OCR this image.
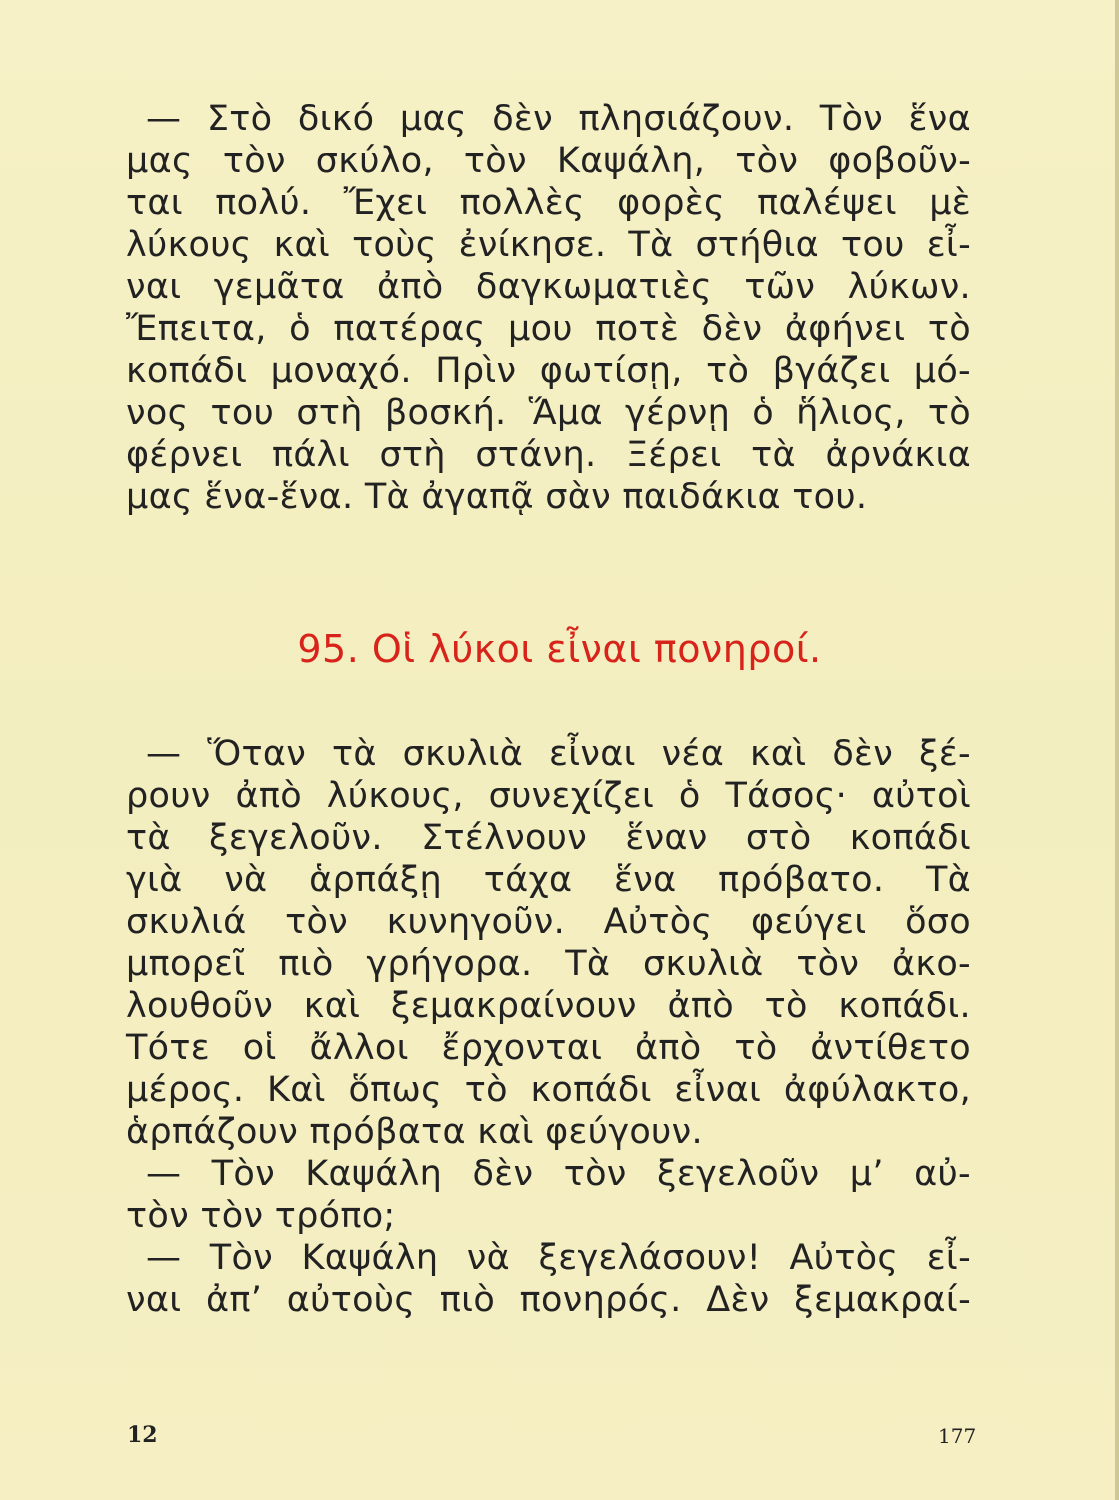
— Στὸ δικό μας δὲν πλησιάζουν. Τὸν ἕνα
μας τὸν σκύλο, τὸν Καψάλη, τὸν φοβοῦν-
ται πολύ. Ἔχει πολλὲς φορὲς παλέψει μὲ
λύκους καὶ τοὺς ἐνίκησε. Τὰ στήθια του εἶ-
ναι γεμᾶτα ἀπὸ δαγκωματιὲς τῶν λύκων.
Ἔπειτα, ὁ πατέρας μου ποτὲ δὲν ἀφήνει τὸ
κοπάδι μοναχό. Πρὶν φωτίσῃ, τὸ βγάζει μό-
νος του στὴ βοσκή. Ἅμα γέρνῃ ὁ ἥλιος, τὸ
φέρνει πάλι στὴ στάνη. Ξέρει τὰ ἀρνάκια
μας ἕνα-ἕνα. Τὰ ἀγαπᾷ σὰν παιδάκια του.
95. Οἱ λύκοι εἶναι πονηροί.
— Ὅταν τὰ σκυλιὰ εἶναι νέα καὶ δὲν ξέ-
ρουν ἀπὸ λύκους, συνεχίζει ὁ Τάσος· αὐτοὶ
τὰ ξεγελοῦν. Στέλνουν ἕναν στὸ κοπάδι
γιὰ νὰ ἁρπάξῃ τάχα ἕνα πρόβατο. Τὰ
σκυλιά τὸν κυνηγοῦν. Αὐτὸς φεύγει ὅσο
μπορεῖ πιὸ γρήγορα. Τὰ σκυλιὰ τὸν ἀκο-
λουθοῦν καὶ ξεμακραίνουν ἀπὸ τὸ κοπάδι.
Τότε οἱ ἄλλοι ἔρχονται ἀπὸ τὸ ἀντίθετο
μέρος. Καὶ ὅπως τὸ κοπάδι εἶναι ἀφύλακτο,
ἁρπάζουν πρόβατα καὶ φεύγουν.
— Τὸν Καψάλη δὲν τὸν ξεγελοῦν μ’ αὐ-
τὸν τὸν τρόπο;
— Τὸν Καψάλη νὰ ξεγελάσουν! Αὐτὸς εἶ-
ναι ἀπ’ αὐτοὺς πιὸ πονηρός. Δὲν ξεμακραί-
12	177
